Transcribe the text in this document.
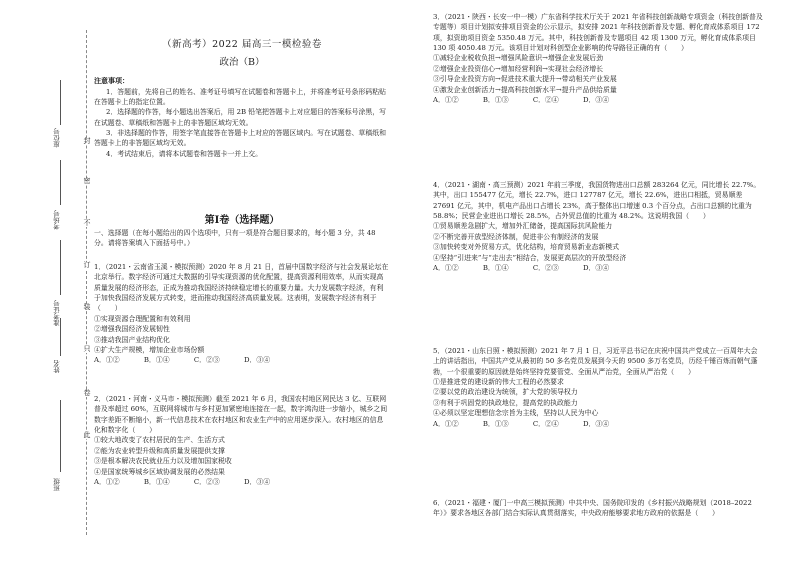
座位号
考场号
准考证号
姓名
班级
封
密
不
订
装
只
卷
此
（新高考）2022 届高三一模检验卷
政治（B）

注意事项：

1．答题前，先将自己的姓名、准考证号填写在试题卷和答题卡上，并将准考证号条形码粘贴在答题卡上的指定位置。

2．选择题的作答，每小题选出答案后，用 2B 铅笔把答题卡上对应题目的答案标号涂黑，写在试题卷、草稿纸和答题卡上的非答题区域均无效。

3．非选择题的作答，用签字笔直接答在答题卡上对应的答题区域内。写在试题卷、草稿纸和答题卡上的非答题区域均无效。

4．考试结束后，请将本试题卷和答题卡一并上交。

第Ⅰ卷（选择题）

一、选择题（在每小题给出的四个选项中，只有一项是符合题目要求的，每小题 3 分，共 48 分。请将答案填入下面括号中。）

1．（2021・云南省玉溪・模拟预测）2020 年 8 月 21 日，首届中国数字经济与社会发展论坛在北京举行。数字经济可通过大数据的引导实现资源的优化配置，提高资源利用效率，从而实现高质量发展的经济形态，正成为推动我国经济持续稳定增长的重要力量。大力发展数字经济，有利于加快我国经济发展方式转变，进而推动我国经济高质量发展。这表明，发展数字经济有利于（　　）

①实现资源合理配置和有效利用

②增强我国经济发展韧性

③推动我国产业结构优化

④扩大生产规模，增加企业市场份额

A．①②	B．①④	C．②③	D．③④

2．（2021・河南・义马市・模拟预测）截至 2021 年 6 月，我国农村地区网民达 3 亿、互联网普及率超过 60%，互联网将城市与乡村更加紧密地连接在一起，数字鸿沟进一步缩小，城乡之间数字差距不断缩小，新一代信息技术在农村地区和农业生产中的应用逐步深入。农村地区的信息化和数字化（　　）

①较大地改变了农村居民的生产、生活方式

②能为农业转型升级和高质量发展提供支撑

③是根本解决农民就业压力以及增加国家税收

④是国家统筹城乡区域协调发展的必然结果

A．①②	B．①④	C．②③	D．③④

3．（2021・陕西・长安一中一模）广东省科学技术厅关于 2021 年省科技创新战略专项资金（科技创新普及专题等）项目计划拟安排项目资金的公示显示，拟安排 2021 年科技创新普及专题、孵化育成体系项目 172 项，拟资助项目资金 5350.48 万元。其中，科技创新普及专题项目 42 项 1300 万元，孵化育成体系项目 130 项 4050.48 万元。该项目计划对科创型企业影响的传导路径正确的有（　　）

①减轻企业税收负担→增强风险意识→增强企业发展后劲

②增强企业投资信心→增加经营利润→实现社会经济增长

③引导企业投资方向→促进技术重大提升→带动相关产业发展

④激发企业创新活力→提高科技创新水平→提升产品供给质量

A．①②	B．①③	C．②④	D．③④

4．（2021・湖南・高三预测）2021 年前三季度，我国货物进出口总额 283264 亿元，同比增长 22.7%。其中，出口 155477 亿元，增长 22.7%，进口 127787 亿元，增长 22.6%，进出口相抵，贸易顺差 27691 亿元，其中，机电产品出口占增长 23%，高于整体出口增速 0.3 个百分点，占出口总额的比重为 58.8%；民营企业进出口增长 28.5%，占外贸总值的比重为 48.2%。这说明我国（　　）

①贸易顺差急剧扩大，增加外汇储备，提高国际抗风险能力

②不断完善开放型经济体制，促进非公有制经济的发展

③加快转变对外贸易方式，优化结构，培育贸易新业态新模式

④坚持“引进来”与“走出去”相结合，发展更高层次的开放型经济

A．①②	B．①④	C．②③	D．③④

5．（2021・山东日照・模拟预测）2021 年 7 月 1 日，习近平总书记在庆祝中国共产党成立一百周年大会上的讲话指出，中国共产党从最初的 50 多名党员发展到今天的 9500 多万名党员，历经千锤百炼而朝气蓬勃，一个很重要的原因就是始终坚持党要管党、全面从严治党，全面从严治党（　　）

①是推进党的建设新的伟大工程的必然要求

②要以党的政治建设为统领，扩大党的领导权力

③有利于巩固党的执政地位，提高党的执政能力

④必须以坚定理想信念宗旨为主线，坚持以人民为中心

A．①②	B．①③	C．②④	D．③④

6．（2021・福建・厦门一中高三模拟预测）中共中央、国务院印发的《乡村振兴战略规划（2018–2022 年）》要求各地区各部门结合实际认真贯彻落实，中央政府能够要求地方政府的依据是（　　）
